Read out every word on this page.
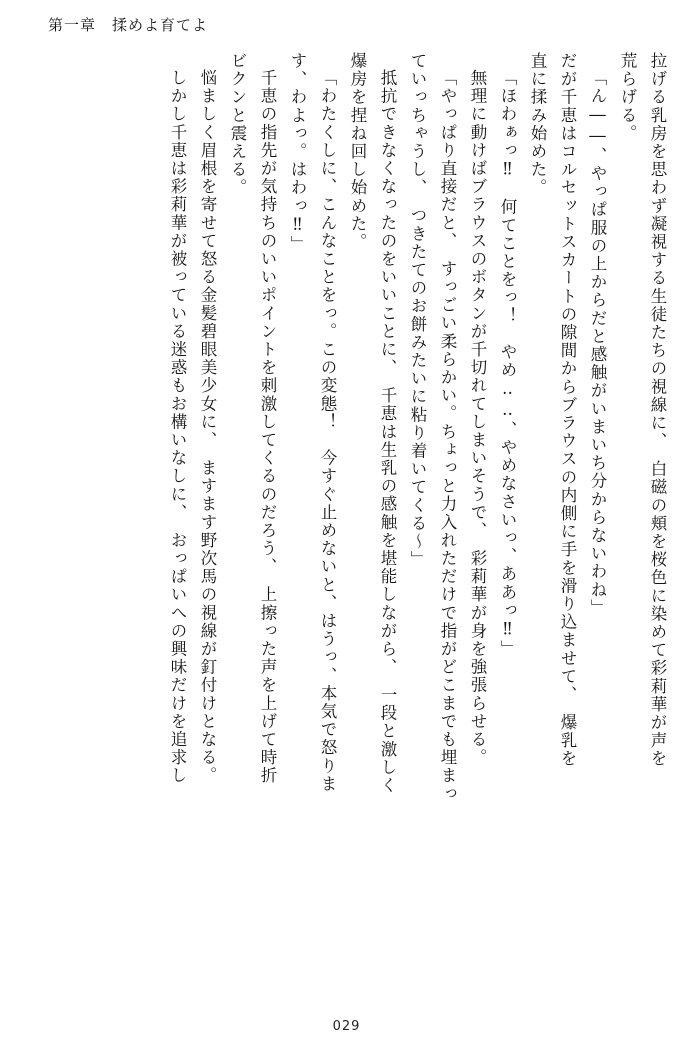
第一章 揉めよ育てよ
拉げる乳房を思わず凝視する生徒たちの視線に、　白磁の頬を桜色に染めて彩莉華が声を
荒らげる。
「ん――、やっぱ服の上からだと感触がいまいち分からないわね」
だが千恵はコルセットスカートの隙間からブラウスの内側に手を滑り込ませて、　爆乳を
直に揉み始めた。
「ほわぁっ‼　何てことをっ！　やめ‥‥、やめなさいっ、ああっ‼」
無理に動けばブラウスのボタンが千切れてしまいそうで、　彩莉華が身を強張らせる。
「やっぱり直接だと、　すっごい柔らかい。ちょっと力入れただけで指がどこまでも埋まっ
ていっちゃうし、　つきたてのお餅みたいに粘り着いてくる〜」
抵抗できなくなったのをいいことに、　千恵は生乳の感触を堪能しながら、　一段と激しく
爆房を捏ね回し始めた。
「わたくしに、こんなことをっ。この変態！　今すぐ止めないと、はうっ、本気で怒りま
す、わよっ。はわっ‼」
千恵の指先が気持ちのいいポイントを刺激してくるのだろう、　上擦った声を上げて時折
ビクンと震える。
悩ましく眉根を寄せて怒る金髪碧眼美少女に、　ますます野次馬の視線が釘付けとなる。
しかし千恵は彩莉華が被っている迷惑もお構いなしに、　おっぱいへの興味だけを追求し
029
